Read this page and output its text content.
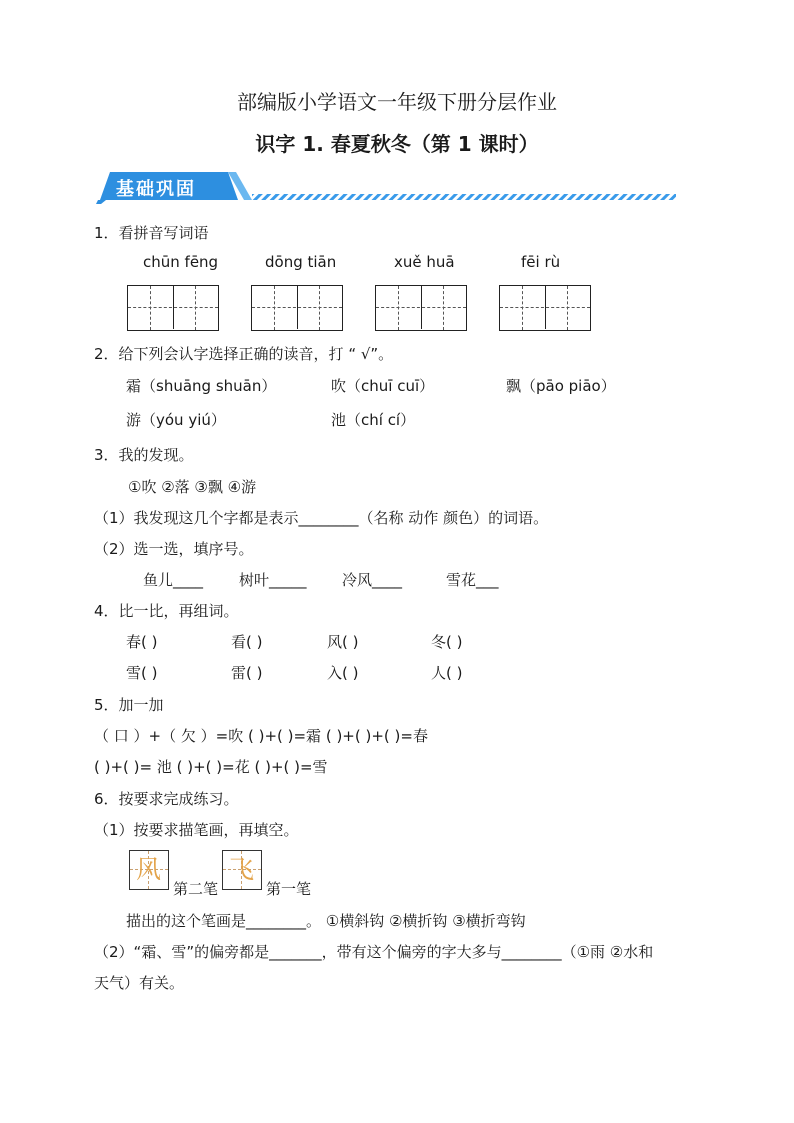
部编版小学语文一年级下册分层作业
识字 1. 春夏秋冬（第 1 课时）
基础巩固
1．看拼音写词语
chūn fēng	dōng tiān	xuě huā	fēi rù
2．给下列会认字选择正确的读音，打 “ √”。
霜（shuāng shuān）	吹（chuī cuī）	飘（pāo piāo）
游（yóu yiú）	池（chí cí）
3．我的发现。
①吹 ②落 ③飘 ④游
（1）我发现这几个字都是表示________（名称 动作 颜色）的词语。
（2）选一选，填序号。
鱼儿____ 树叶_____ 冷风____	雪花___
4．比一比，再组词。
春( )	看( )	风( )	冬( )
雪( )	雷( )	入( )	人( )
5．加一加
（ 口 ）+（ 欠 ）=吹 ( )+( )=霜 ( )+( )+( )=春
( )+( )= 池 ( )+( )=花 ( )+( )=雪
6．按要求完成练习。
（1）按要求描笔画，再填空。
风
第二笔
飞
第一笔
描出的这个笔画是________。 ①横斜钩 ②横折钩 ③横折弯钩
（2）“霜、雪”的偏旁都是_______，带有这个偏旁的字大多与________（①雨 ②水和
天气）有关。
